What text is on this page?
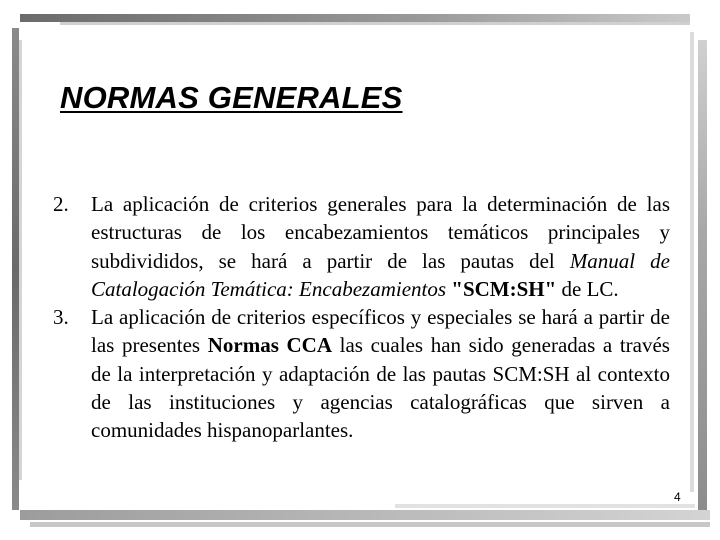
NORMAS GENERALES
2.	La aplicación de criterios generales para la determinación de las estructuras de los encabezamientos temáticos principales y subdivididos, se hará a partir de las pautas del Manual de Catalogación Temática: Encabezamientos "SCM:SH" de LC.
3.	La aplicación de criterios específicos y especiales se hará a partir de las presentes Normas CCA las cuales han sido generadas a través de la interpretación y adaptación de las pautas SCM:SH al contexto de las instituciones y agencias catalográficas que sirven a comunidades hispanoparlantes.
4
